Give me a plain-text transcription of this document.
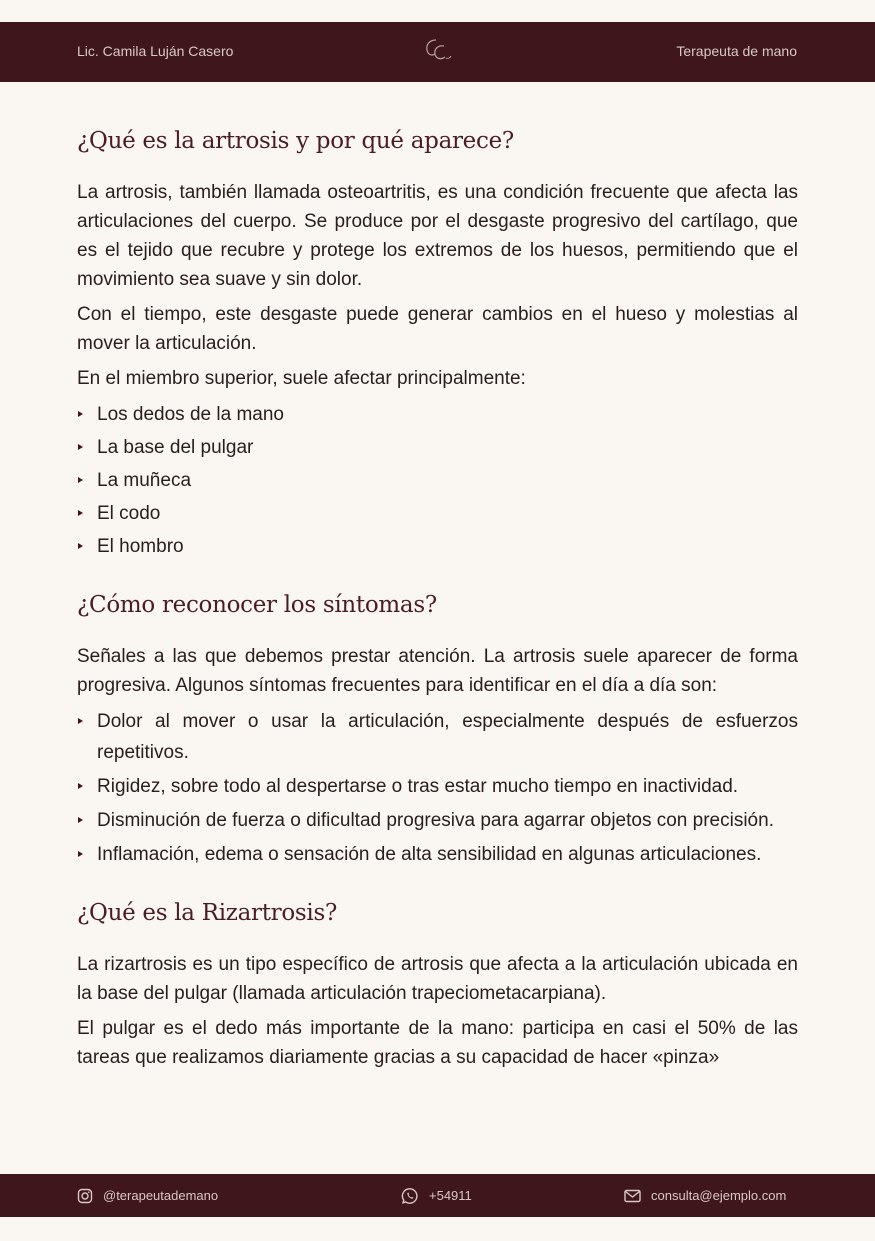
Lic. Camila Luján Casero	Terapeuta de mano
¿Qué es la artrosis y por qué aparece?

La artrosis, también llamada osteoartritis, es una condición frecuente que afecta las articulaciones del cuerpo. Se produce por el desgaste progresivo del cartílago, que es el tejido que recubre y protege los extremos de los huesos, permitiendo que el movimiento sea suave y sin dolor.

Con el tiempo, este desgaste puede generar cambios en el hueso y molestias al mover la articulación.

En el miembro superior, suele afectar principalmente:

Los dedos de la mano
La base del pulgar
La muñeca
El codo
El hombro
¿Cómo reconocer los síntomas?

Señales a las que debemos prestar atención. La artrosis suele aparecer de forma progresiva. Algunos síntomas frecuentes para identificar en el día a día son:

Dolor al mover o usar la articulación, especialmente después de esfuerzos repetitivos.
Rigidez, sobre todo al despertarse o tras estar mucho tiempo en inactividad.
Disminución de fuerza o dificultad progresiva para agarrar objetos con precisión.
Inflamación, edema o sensación de alta sensibilidad en algunas articulaciones.
¿Qué es la Rizartrosis?

La rizartrosis es un tipo específico de artrosis que afecta a la articulación ubicada en la base del pulgar (llamada articulación trapeciometacarpiana).

El pulgar es el dedo más importante de la mano: participa en casi el 50% de las tareas que realizamos diariamente gracias a su capacidad de hacer «pinza»

@terapeutademano	+54911	consulta@ejemplo.com
